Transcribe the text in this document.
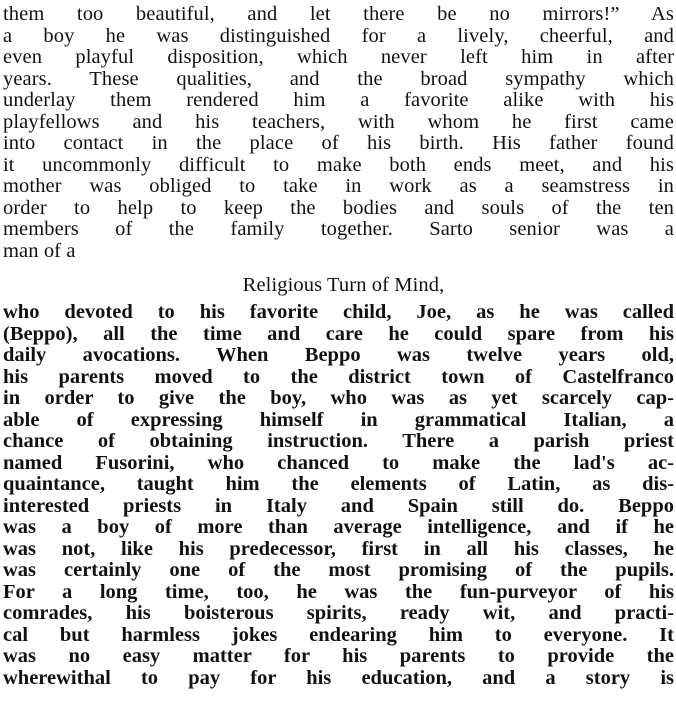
them too beautiful, and let there be no mirrors!” As
a boy he was distinguished for a lively, cheerful, and
even playful disposition, which never left him in after
years. These qualities, and the broad sympathy which
underlay them rendered him a favorite alike with his
playfellows and his teachers, with whom he first came
into contact in the place of his birth. His father found
it uncommonly difficult to make both ends meet, and his
mother was obliged to take in work as a seamstress in
order to help to keep the bodies and souls of the ten
members of the family together. Sarto senior was a
man of a
Religious Turn of Mind,
who devoted to his favorite child, Joe, as he was called
(Beppo), all the time and care he could spare from his
daily avocations. When Beppo was twelve years old,
his parents moved to the district town of Castelfranco
in order to give the boy, who was as yet scarcely cap-
able of expressing himself in grammatical Italian, a
chance of obtaining instruction. There a parish priest
named Fusorini, who chanced to make the lad's ac-
quaintance, taught him the elements of Latin, as dis-
interested priests in Italy and Spain still do. Beppo
was a boy of more than average intelligence, and if he
was not, like his predecessor, first in all his classes, he
was certainly one of the most promising of the pupils.
For a long time, too, he was the fun-purveyor of his
comrades, his boisterous spirits, ready wit, and practi-
cal but harmless jokes endearing him to everyone. It
was no easy matter for his parents to provide the
wherewithal to pay for his education, and a story is
